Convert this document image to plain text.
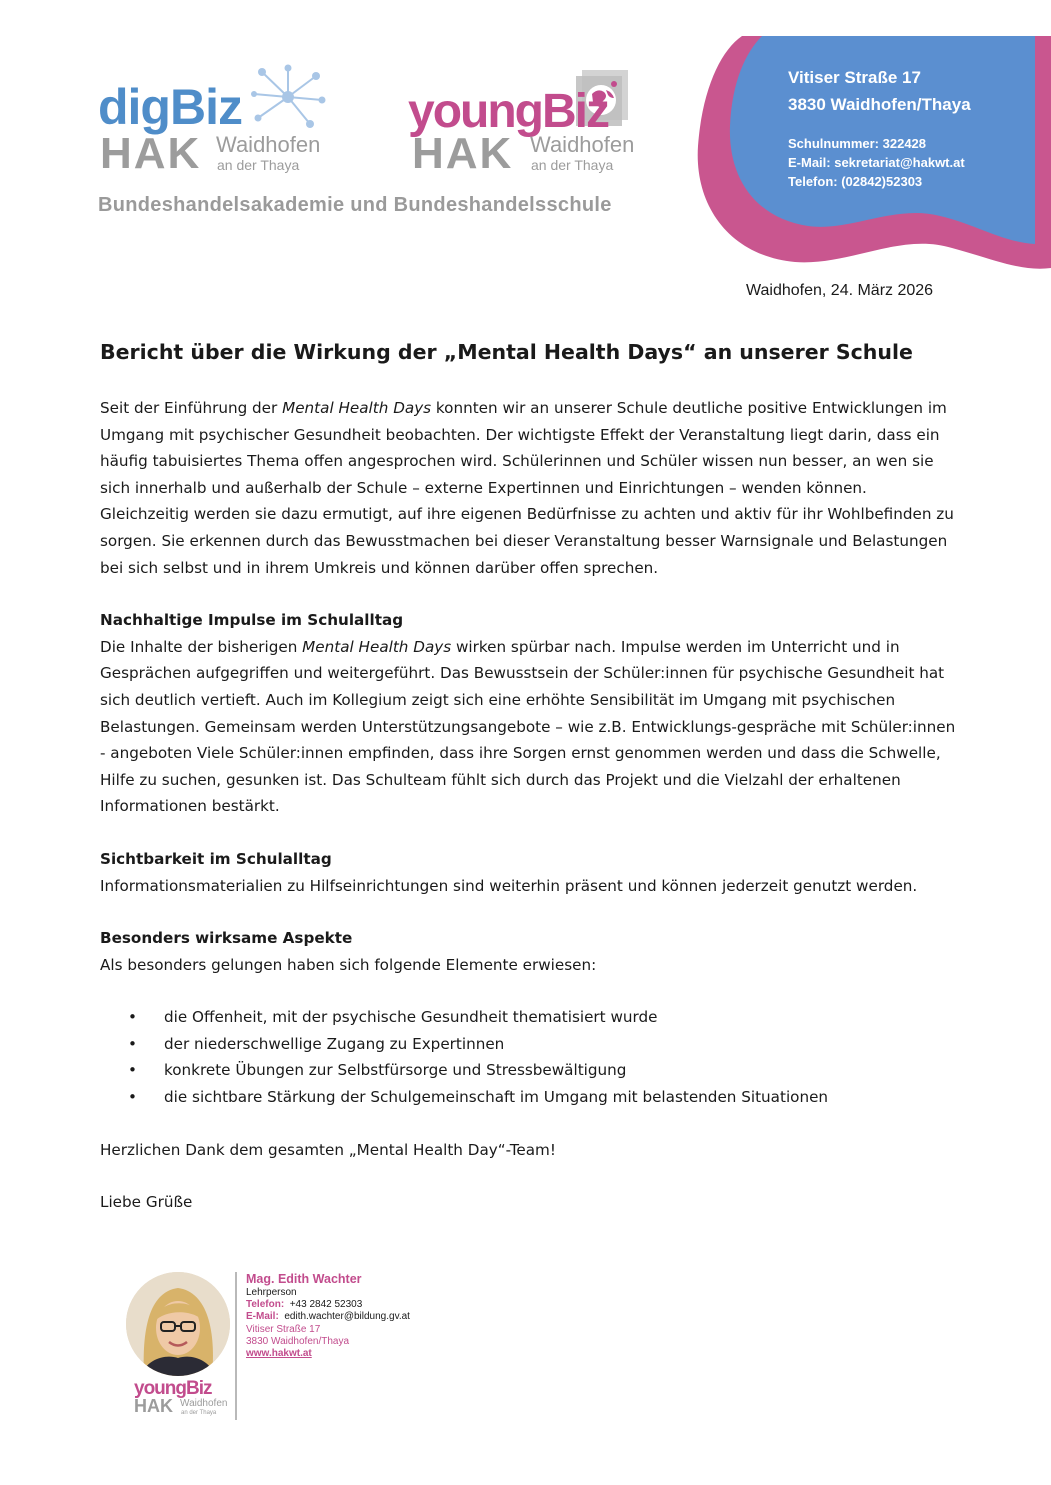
digBiz
HAK Waidhofen
an der Thaya
youngBiz
HAK Waidhofen
an der Thaya
Bundeshandelsakademie und Bundeshandelsschule
Vitiser Straße 17
3830 Waidhofen/Thaya
Schulnummer: 322428
E-Mail: sekretariat@hakwt.at
Telefon: (02842)52303
Waidhofen, 24. März 2026
Bericht über die Wirkung der „Mental Health Days“ an unserer Schule

Seit der Einführung der Mental Health Days konnten wir an unserer Schule deutliche positive Entwicklungen im Umgang mit psychischer Gesundheit beobachten. Der wichtigste Effekt der Veranstaltung liegt darin, dass ein häufig tabuisiertes Thema offen angesprochen wird. Schülerinnen und Schüler wissen nun besser, an wen sie sich innerhalb und außerhalb der Schule – externe Expertinnen und Einrichtungen – wenden können. Gleichzeitig werden sie dazu ermutigt, auf ihre eigenen Bedürfnisse zu achten und aktiv für ihr Wohlbefinden zu sorgen. Sie erkennen durch das Bewusstmachen bei dieser Veranstaltung besser Warnsignale und Belastungen bei sich selbst und in ihrem Umkreis und können darüber offen sprechen.

Nachhaltige Impulse im Schulalltag
Die Inhalte der bisherigen Mental Health Days wirken spürbar nach. Impulse werden im Unterricht und in Gesprächen aufgegriffen und weitergeführt. Das Bewusstsein der Schüler:innen für psychische Gesundheit hat sich deutlich vertieft. Auch im Kollegium zeigt sich eine erhöhte Sensibilität im Umgang mit psychischen Belastungen. Gemeinsam werden Unterstützungsangebote – wie z.B. Entwicklungs-gespräche mit Schüler:innen - angeboten Viele Schüler:innen empfinden, dass ihre Sorgen ernst genommen werden und dass die Schwelle, Hilfe zu suchen, gesunken ist. Das Schulteam fühlt sich durch das Projekt und die Vielzahl der erhaltenen Informationen bestärkt.

Sichtbarkeit im Schulalltag
Informationsmaterialien zu Hilfseinrichtungen sind weiterhin präsent und können jederzeit genutzt werden.

Besonders wirksame Aspekte
Als besonders gelungen haben sich folgende Elemente erwiesen:

• die Offenheit, mit der psychische Gesundheit thematisiert wurde
• der niederschwellige Zugang zu Expertinnen
• konkrete Übungen zur Selbstfürsorge und Stressbewältigung
• die sichtbare Stärkung der Schulgemeinschaft im Umgang mit belastenden Situationen

Herzlichen Dank dem gesamten „Mental Health Day“-Team!

Liebe Grüße

youngBiz
HAK Waidhofen
an der Thaya
Mag. Edith Wachter
Lehrperson
Telefon: +43 2842 52303
E-Mail: edith.wachter@bildung.gv.at
Vitiser Straße 17
3830 Waidhofen/Thaya
www.hakwt.at
